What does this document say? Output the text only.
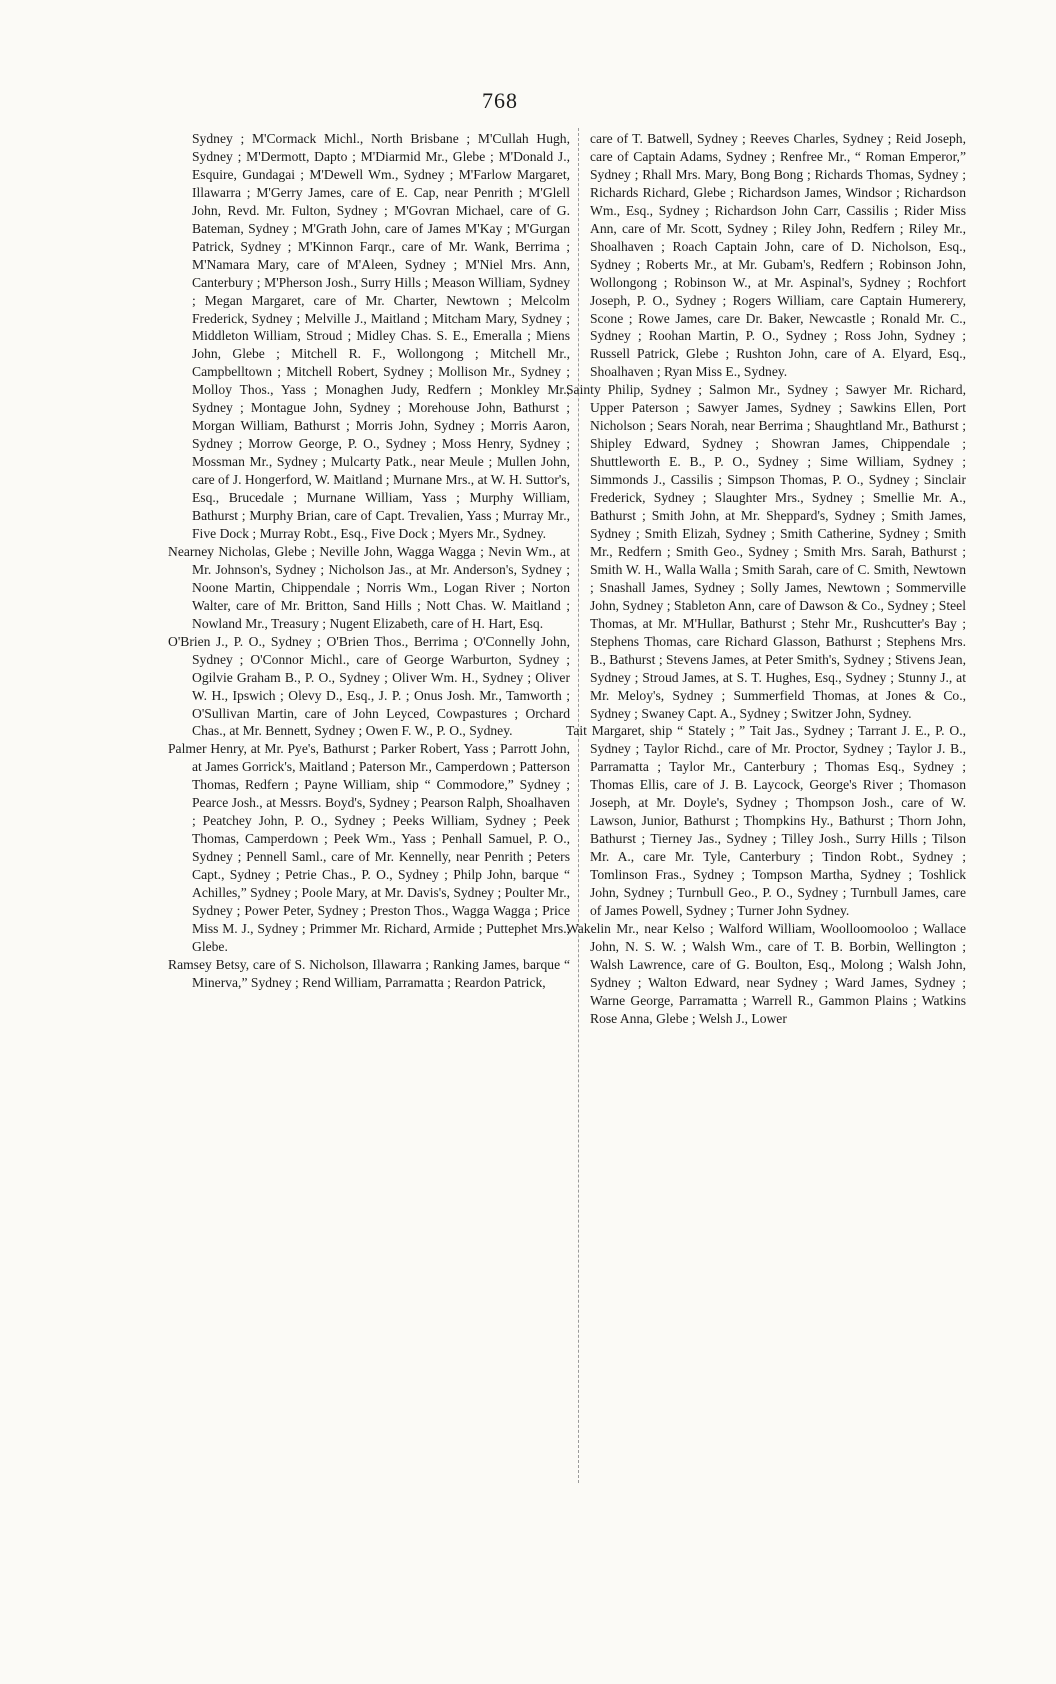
768

Sydney ; M'Cormack Michl., North Brisbane ; M'Cullah Hugh, Sydney ; M'Dermott, Dapto ; M'Diarmid Mr., Glebe ; M'Donald J., Esquire, Gundagai ; M'Dewell Wm., Sydney ; M'Farlow Margaret, Illawarra ; M'Gerry James, care of E. Cap, near Penrith ; M'Glell John, Revd. Mr. Fulton, Sydney ; M'Govran Michael, care of G. Bateman, Sydney ; M'Grath John, care of James M'Kay ; M'Gurgan Patrick, Sydney ; M'Kinnon Farqr., care of Mr. Wank, Berrima ; M'Namara Mary, care of M'Aleen, Sydney ; M'Niel Mrs. Ann, Canterbury ; M'Pherson Josh., Surry Hills ; Meason William, Sydney ; Megan Margaret, care of Mr. Charter, Newtown ; Melcolm Frederick, Sydney ; Melville J., Maitland ; Mitcham Mary, Sydney ; Middleton William, Stroud ; Midley Chas. S. E., Emeralla ; Miens John, Glebe ; Mitchell R. F., Wollongong ; Mitchell Mr., Campbelltown ; Mitchell Robert, Sydney ; Mollison Mr., Sydney ; Molloy Thos., Yass ; Monaghen Judy, Redfern ; Monkley Mr., Sydney ; Montague John, Sydney ; Morehouse John, Bathurst ; Morgan William, Bathurst ; Morris John, Sydney ; Morris Aaron, Sydney ; Morrow George, P. O., Sydney ; Moss Henry, Sydney ; Mossman Mr., Sydney ; Mulcarty Patk., near Meule ; Mullen John, care of J. Hongerford, W. Maitland ; Murnane Mrs., at W. H. Suttor's, Esq., Brucedale ; Murnane William, Yass ; Murphy William, Bathurst ; Murphy Brian, care of Capt. Trevalien, Yass ; Murray Mr., Five Dock ; Murray Robt., Esq., Five Dock ; Myers Mr., Sydney.

Nearney Nicholas, Glebe ; Neville John, Wagga Wagga ; Nevin Wm., at Mr. Johnson's, Sydney ; Nicholson Jas., at Mr. Anderson's, Sydney ; Noone Martin, Chippendale ; Norris Wm., Logan River ; Norton Walter, care of Mr. Britton, Sand Hills ; Nott Chas. W. Maitland ; Nowland Mr., Treasury ; Nugent Elizabeth, care of H. Hart, Esq.

O'Brien J., P. O., Sydney ; O'Brien Thos., Berrima ; O'Connelly John, Sydney ; O'Connor Michl., care of George Warburton, Sydney ; Ogilvie Graham B., P. O., Sydney ; Oliver Wm. H., Sydney ; Oliver W. H., Ipswich ; Olevy D., Esq., J. P. ; Onus Josh. Mr., Tamworth ; O'Sullivan Martin, care of John Leyced, Cowpastures ; Orchard Chas., at Mr. Bennett, Sydney ; Owen F. W., P. O., Sydney.

Palmer Henry, at Mr. Pye's, Bathurst ; Parker Robert, Yass ; Parrott John, at James Gorrick's, Maitland ; Paterson Mr., Camperdown ; Patterson Thomas, Redfern ; Payne William, ship “ Commodore,” Sydney ; Pearce Josh., at Messrs. Boyd's, Sydney ; Pearson Ralph, Shoalhaven ; Peatchey John, P. O., Sydney ; Peeks William, Sydney ; Peek Thomas, Camperdown ; Peek Wm., Yass ; Penhall Samuel, P. O., Sydney ; Pennell Saml., care of Mr. Kennelly, near Penrith ; Peters Capt., Sydney ; Petrie Chas., P. O., Sydney ; Philp John, barque “ Achilles,” Sydney ; Poole Mary, at Mr. Davis's, Sydney ; Poulter Mr., Sydney ; Power Peter, Sydney ; Preston Thos., Wagga Wagga ; Price Miss M. J., Sydney ; Primmer Mr. Richard, Armide ; Puttephet Mrs., Glebe.

Ramsey Betsy, care of S. Nicholson, Illawarra ; Ranking James, barque “ Minerva,” Sydney ; Rend William, Parramatta ; Reardon Patrick,

care of T. Batwell, Sydney ; Reeves Charles, Sydney ; Reid Joseph, care of Captain Adams, Sydney ; Renfree Mr., “ Roman Emperor,” Sydney ; Rhall Mrs. Mary, Bong Bong ; Richards Thomas, Sydney ; Richards Richard, Glebe ; Richardson James, Windsor ; Richardson Wm., Esq., Sydney ; Richardson John Carr, Cassilis ; Rider Miss Ann, care of Mr. Scott, Sydney ; Riley John, Redfern ; Riley Mr., Shoalhaven ; Roach Captain John, care of D. Nicholson, Esq., Sydney ; Roberts Mr., at Mr. Gubam's, Redfern ; Robinson John, Wollongong ; Robinson W., at Mr. Aspinal's, Sydney ; Rochfort Joseph, P. O., Sydney ; Rogers William, care Captain Humerery, Scone ; Rowe James, care Dr. Baker, Newcastle ; Ronald Mr. C., Sydney ; Roohan Martin, P. O., Sydney ; Ross John, Sydney ; Russell Patrick, Glebe ; Rushton John, care of A. Elyard, Esq., Shoalhaven ; Ryan Miss E., Sydney.

Sainty Philip, Sydney ; Salmon Mr., Sydney ; Sawyer Mr. Richard, Upper Paterson ; Sawyer James, Sydney ; Sawkins Ellen, Port Nicholson ; Sears Norah, near Berrima ; Shaughtland Mr., Bathurst ; Shipley Edward, Sydney ; Showran James, Chippendale ; Shuttleworth E. B., P. O., Sydney ; Sime William, Sydney ; Simmonds J., Cassilis ; Simpson Thomas, P. O., Sydney ; Sinclair Frederick, Sydney ; Slaughter Mrs., Sydney ; Smellie Mr. A., Bathurst ; Smith John, at Mr. Sheppard's, Sydney ; Smith James, Sydney ; Smith Elizah, Sydney ; Smith Catherine, Sydney ; Smith Mr., Redfern ; Smith Geo., Sydney ; Smith Mrs. Sarah, Bathurst ; Smith W. H., Walla Walla ; Smith Sarah, care of C. Smith, Newtown ; Snashall James, Sydney ; Solly James, Newtown ; Sommerville John, Sydney ; Stableton Ann, care of Dawson & Co., Sydney ; Steel Thomas, at Mr. M'Hullar, Bathurst ; Stehr Mr., Rushcutter's Bay ; Stephens Thomas, care Richard Glasson, Bathurst ; Stephens Mrs. B., Bathurst ; Stevens James, at Peter Smith's, Sydney ; Stivens Jean, Sydney ; Stroud James, at S. T. Hughes, Esq., Sydney ; Stunny J., at Mr. Meloy's, Sydney ; Summerfield Thomas, at Jones & Co., Sydney ; Swaney Capt. A., Sydney ; Switzer John, Sydney.

Tait Margaret, ship “ Stately ; ” Tait Jas., Sydney ; Tarrant J. E., P. O., Sydney ; Taylor Richd., care of Mr. Proctor, Sydney ; Taylor J. B., Parramatta ; Taylor Mr., Canterbury ; Thomas Esq., Sydney ; Thomas Ellis, care of J. B. Laycock, George's River ; Thomason Joseph, at Mr. Doyle's, Sydney ; Thompson Josh., care of W. Lawson, Junior, Bathurst ; Thompkins Hy., Bathurst ; Thorn John, Bathurst ; Tierney Jas., Sydney ; Tilley Josh., Surry Hills ; Tilson Mr. A., care Mr. Tyle, Canterbury ; Tindon Robt., Sydney ; Tomlinson Fras., Sydney ; Tompson Martha, Sydney ; Toshlick John, Sydney ; Turnbull Geo., P. O., Sydney ; Turnbull James, care of James Powell, Sydney ; Turner John Sydney.

Wakelin Mr., near Kelso ; Walford William, Woolloomooloo ; Wallace John, N. S. W. ; Walsh Wm., care of T. B. Borbin, Wellington ; Walsh Lawrence, care of G. Boulton, Esq., Molong ; Walsh John, Sydney ; Walton Edward, near Sydney ; Ward James, Sydney ; Warne George, Parramatta ; Warrell R., Gammon Plains ; Watkins Rose Anna, Glebe ; Welsh J., Lower
